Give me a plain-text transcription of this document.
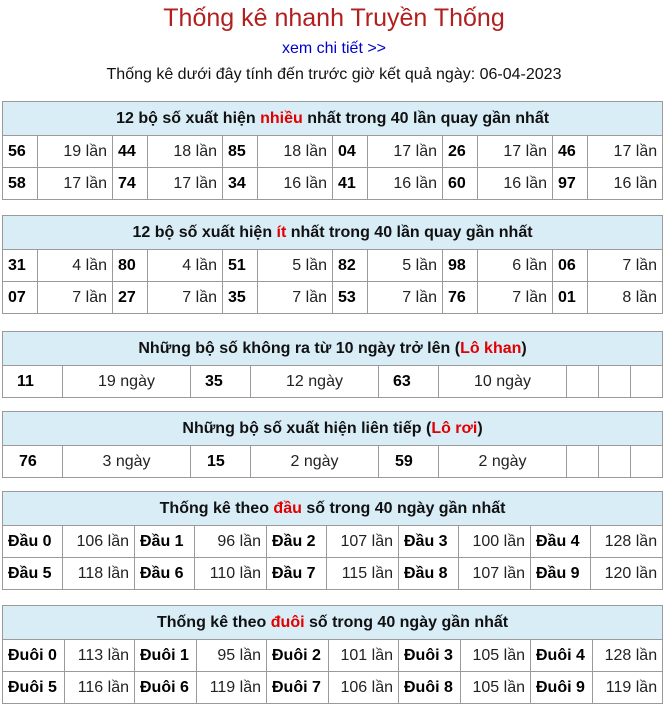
Thống kê nhanh Truyền Thống
xem chi tiết >>
Thống kê dưới đây tính đến trước giờ kết quả ngày: 06-04-2023
12 bộ số xuất hiện nhiều nhất trong 40 lần quay gần nhất											
56	19 lần	44	18 lần	85	18 lần	04	17 lần	26	17 lần	46	17 lần
58	17 lần	74	17 lần	34	16 lần	41	16 lần	60	16 lần	97	16 lần
12 bộ số xuất hiện ít nhất trong 40 lần quay gần nhất											
31	4 lần	80	4 lần	51	5 lần	82	5 lần	98	6 lần	06	7 lần
07	7 lần	27	7 lần	35	7 lần	53	7 lần	76	7 lần	01	8 lần
Những bộ số không ra từ 10 ngày trở lên (Lô khan)
11	19 ngày	35	12 ngày	63	10 ngày			
Những bộ số xuất hiện liên tiếp (Lô rơi)
76	3 ngày	15	2 ngày	59	2 ngày			
Thống kê theo đầu số trong 40 ngày gần nhất									
Đầu 0	106 lần	Đầu 1	96 lần	Đầu 2	107 lần	Đầu 3	100 lần	Đầu 4	128 lần
Đầu 5	118 lần	Đầu 6	110 lần	Đầu 7	115 lần	Đầu 8	107 lần	Đầu 9	120 lần
Thống kê theo đuôi số trong 40 ngày gần nhất									
Đuôi 0	113 lần	Đuôi 1	95 lần	Đuôi 2	101 lần	Đuôi 3	105 lần	Đuôi 4	128 lần
Đuôi 5	116 lần	Đuôi 6	119 lần	Đuôi 7	106 lần	Đuôi 8	105 lần	Đuôi 9	119 lần
